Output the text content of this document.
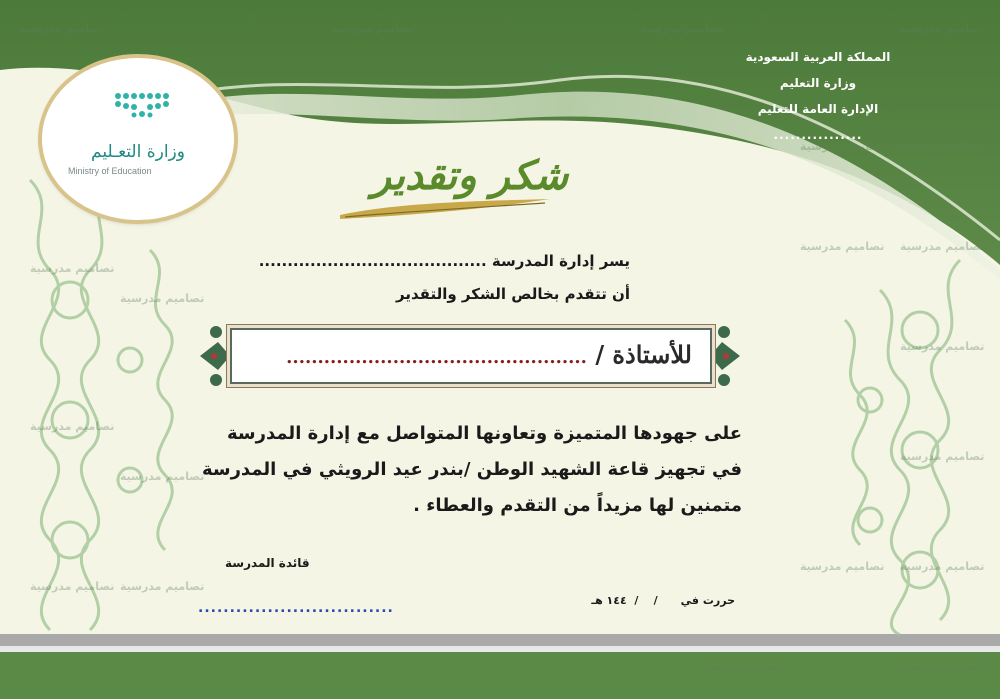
تصاميم مدرسية	تصاميم مدرسية	تصاميم مدرسية	تصاميم مدرسية
تصاميم مدرسية تصاميم مدرسية
تصاميم مدرسية تصاميم مدرسية
تصاميم مدرسية
تصاميم مدرسية
تصاميم مدرسية
تصاميم مدرسية
تصاميم مدرسية
تصاميم مدرسية
تصاميم مدرسية تصاميم مدرسية
تصاميم مدرسية تصاميم مدرسية
تصاميم مدرسية	تصاميم مدرسية
المملكة العربية السعودية
وزارة التعليم
الإدارة العامة للتعليم
................
وزارة التعـليم
Ministry of Education	شكر وتقدير
يسر إدارة المدرسة ........................................
أن تتقدم بخالص الشكر والتقدير
للأستاذة / ................................................
على جهودها المتميزة وتعاونها المتواصل مع إدارة المدرسة
في تجهيز قاعة الشهيد الوطن /بندر عيد الرويثي في المدرسة
متمنين لها مزيداً من التقدم والعطاء .
قائدة المدرسة
...............................	حررت في      /    /  ١٤٤ هـ
